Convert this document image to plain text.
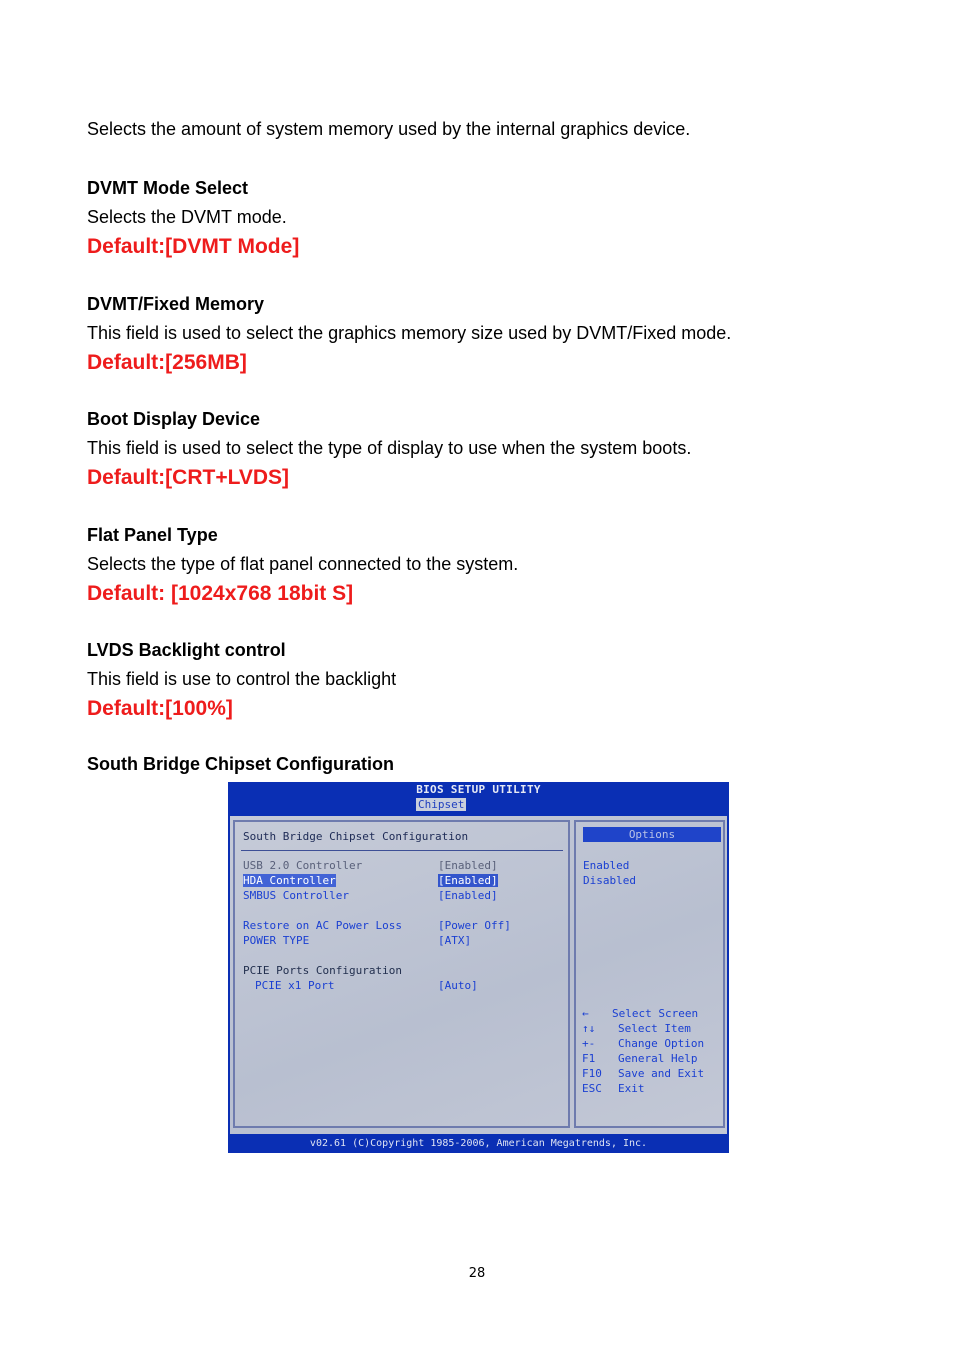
Selects the amount of system memory used by the internal graphics device.

DVMT Mode Select

Selects the DVMT mode.

Default:[DVMT Mode]

DVMT/Fixed Memory

This field is used to select the graphics memory size used by DVMT/Fixed mode.

Default:[256MB]

Boot Display Device

This field is used to select the type of display to use when the system boots.

Default:[CRT+LVDS]

Flat Panel Type

Selects the type of flat panel connected to the system.

Default: [1024x768 18bit S]

LVDS Backlight control

This field is use to control the backlight

Default:[100%]

South Bridge Chipset Configuration
BIOS SETUP UTILITY
Chipset
South Bridge Chipset Configuration
USB 2.0 Controller	[Enabled]
HDA Controller	[Enabled]
SMBUS Controller	[Enabled]
Restore on AC Power Loss	[Power Off]
POWER TYPE	[ATX]
PCIE Ports Configuration
PCIE x1 Port	[Auto]
Options
Enabled
Disabled
← Select Screen
↑↓ Select Item
+- Change Option
F1 General Help
F10 Save and Exit
ESC Exit
v02.61 (C)Copyright 1985-2006, American Megatrends, Inc.
28
